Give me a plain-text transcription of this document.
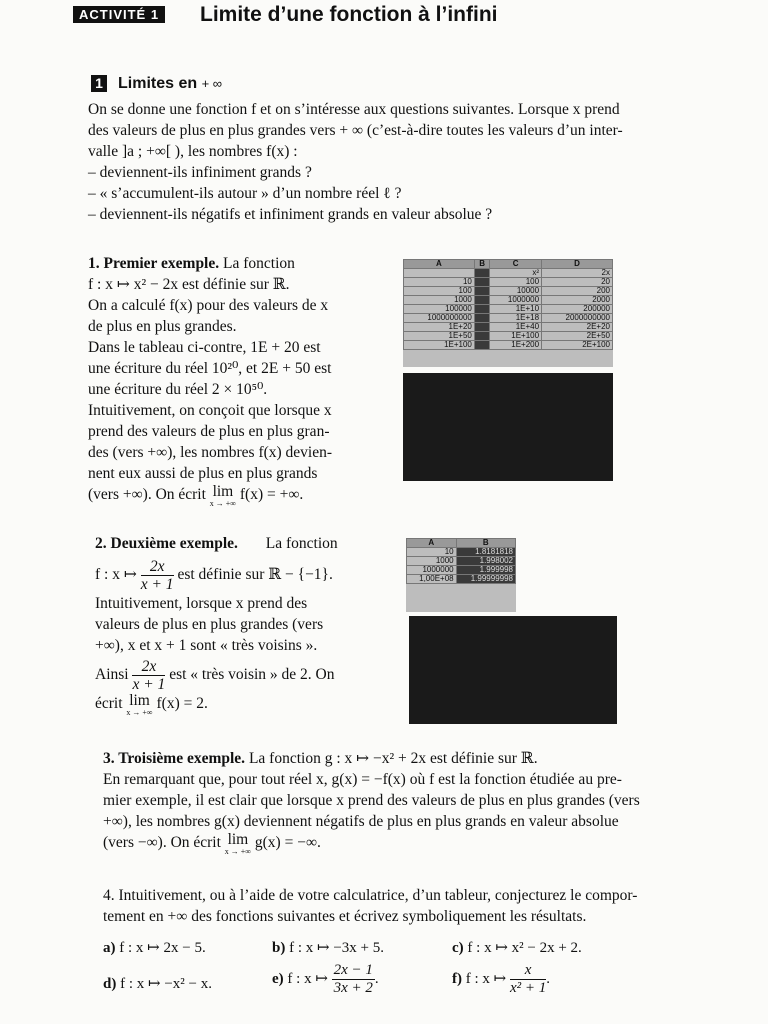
ACTIVITÉ 1 Limite d’une fonction à l’infini
1 Limites en + ∞
On se donne une fonction f et on s’intéresse aux questions suivantes. Lorsque x prend
des valeurs de plus en plus grandes vers + ∞ (c’est-à-dire toutes les valeurs d’un inter-
valle ]a ; +∞[ ), les nombres f(x) :
– deviennent-ils infiniment grands ?
– « s’accumulent-ils autour » d’un nombre réel ℓ ?
– deviennent-ils négatifs et infiniment grands en valeur absolue ?
1. Premier exemple. La fonction
f : x ↦ x² − 2x est définie sur ℝ.
On a calculé f(x) pour des valeurs de x
de plus en plus grandes.
Dans le tableau ci-contre, 1E + 20 est
une écriture du réel 10²⁰, et 2E + 50 est
une écriture du réel 2 × 10⁵⁰.
Intuitivement, on conçoit que lorsque x
prend des valeurs de plus en plus gran-
des (vers +∞), les nombres f(x) devien-
nent eux aussi de plus en plus grands
(vers +∞). On écrit lim
x → +∞
f(x) = +∞.
A	B	C	D
		x²	2x
10		100	20
100		10000	200
1000		1000000	2000
100000		1E+10	200000
1000000000		1E+18	2000000000
1E+20		1E+40	2E+20
1E+50		1E+100	2E+50
1E+100		1E+200	2E+100
2. Deuxième exemple. La fonction
f : x ↦ $\frac{2x}{x + 1}$ est définie sur ℝ − {−1}.
Intuitivement, lorsque x prend des
valeurs de plus en plus grandes (vers
+∞), x et x + 1 sont « très voisins ».
Ainsi $\frac{2x}{x + 1}$ est « très voisin » de 2. On
écrit lim
x → +∞
f(x) = 2.
A	B
10	1.8181818
1000	1.998002
1000000	1.999998
1,00E+08	1.99999998
3. Troisième exemple. La fonction g : x ↦ −x² + 2x est définie sur ℝ.
En remarquant que, pour tout réel x, g(x) = −f(x) où f est la fonction étudiée au pre-
mier exemple, il est clair que lorsque x prend des valeurs de plus en plus grandes (vers
+∞), les nombres g(x) deviennent négatifs de plus en plus grands en valeur absolue
(vers −∞). On écrit lim
x → +∞
g(x) = −∞.
4. Intuitivement, ou à l’aide de votre calculatrice, d’un tableur, conjecturez le compor-
tement en +∞ des fonctions suivantes et écrivez symboliquement les résultats.
a) f : x ↦ 2x − 5.	b) f : x ↦ −3x + 5.	c) f : x ↦ x² − 2x + 2.
d) f : x ↦ −x² − x.	e) f : x ↦ $\frac{2x - 1}{3x + 2}$ .	f) f : x ↦ $\frac{x}{\text{x² + 1}}$ .
